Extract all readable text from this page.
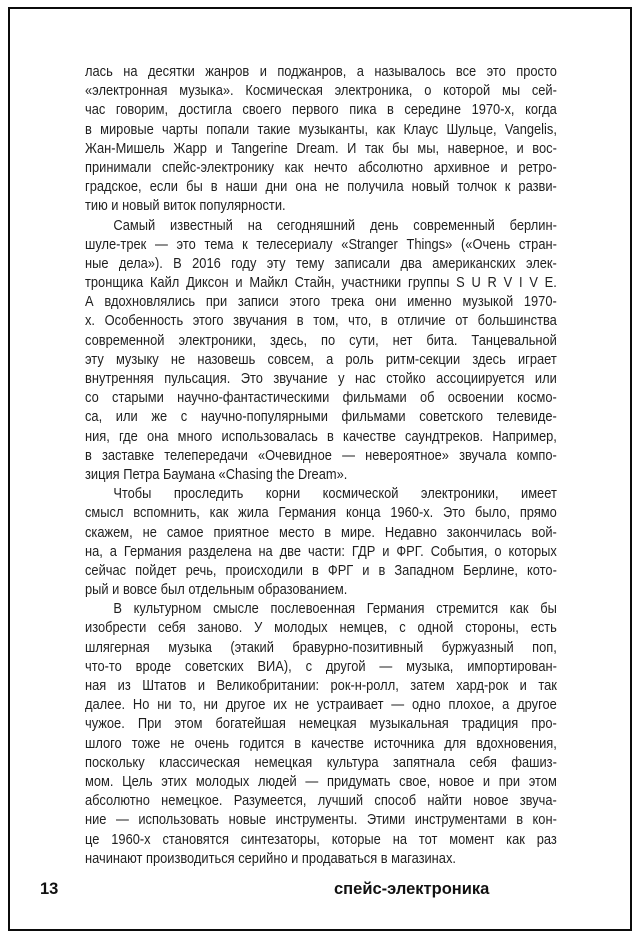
лась на десятки жанров и поджанров, а называлось все это просто
«электронная музыка». Космическая электроника, о которой мы сей-
час говорим, достигла своего первого пика в середине 1970-х, когда
в мировые чарты попали такие музыканты, как Клаус Шульце, Vangelis,
Жан-Мишель Жарр и Tangerine Dream. И так бы мы, наверное, и вос-
принимали спейс-электронику как нечто абсолютно архивное и ретро-
градское, если бы в наши дни она не получила новый толчок к разви-
тию и новый виток популярности.
Самый известный на сегодняшний день современный берлин-
шуле-трек — это тема к телесериалу «Stranger Things» («Очень стран-
ные дела»). В 2016 году эту тему записали два американских элек-
тронщика Кайл Диксон и Майкл Стайн, участники группы S U R V I V E.
А вдохновлялись при записи этого трека они именно музыкой 1970-
х. Особенность этого звучания в том, что, в отличие от большинства
современной электроники, здесь, по сути, нет бита. Танцевальной
эту музыку не назовешь совсем, а роль ритм-секции здесь играет
внутренняя пульсация. Это звучание у нас стойко ассоциируется или
со старыми научно-фантастическими фильмами об освоении космо-
са, или же с научно-популярными фильмами советского телевиде-
ния, где она много использовалась в качестве саундтреков. Например,
в заставке телепередачи «Очевидное — невероятное» звучала компо-
зиция Петра Баумана «Chasing the Dream».
Чтобы проследить корни космической электроники, имеет
смысл вспомнить, как жила Германия конца 1960-х. Это было, прямо
скажем, не самое приятное место в мире. Недавно закончилась вой-
на, а Германия разделена на две части: ГДР и ФРГ. События, о которых
сейчас пойдет речь, происходили в ФРГ и в Западном Берлине, кото-
рый и вовсе был отдельным образованием.
В культурном смысле послевоенная Германия стремится как бы
изобрести себя заново. У молодых немцев, с одной стороны, есть
шлягерная музыка (этакий бравурно-позитивный буржуазный поп,
что-то вроде советских ВИА), с другой — музыка, импортирован-
ная из Штатов и Великобритании: рок-н-ролл, затем хард-рок и так
далее. Но ни то, ни другое их не устраивает — одно плохое, а другое
чужое. При этом богатейшая немецкая музыкальная традиция про-
шлого тоже не очень годится в качестве источника для вдохновения,
поскольку классическая немецкая культура запятнала себя фашиз-
мом. Цель этих молодых людей — придумать свое, новое и при этом
абсолютно немецкое. Разумеется, лучший способ найти новое звуча-
ние — использовать новые инструменты. Этими инструментами в кон-
це 1960-х становятся синтезаторы, которые на тот момент как раз
начинают производиться серийно и продаваться в магазинах.
13	спейс-электроника
